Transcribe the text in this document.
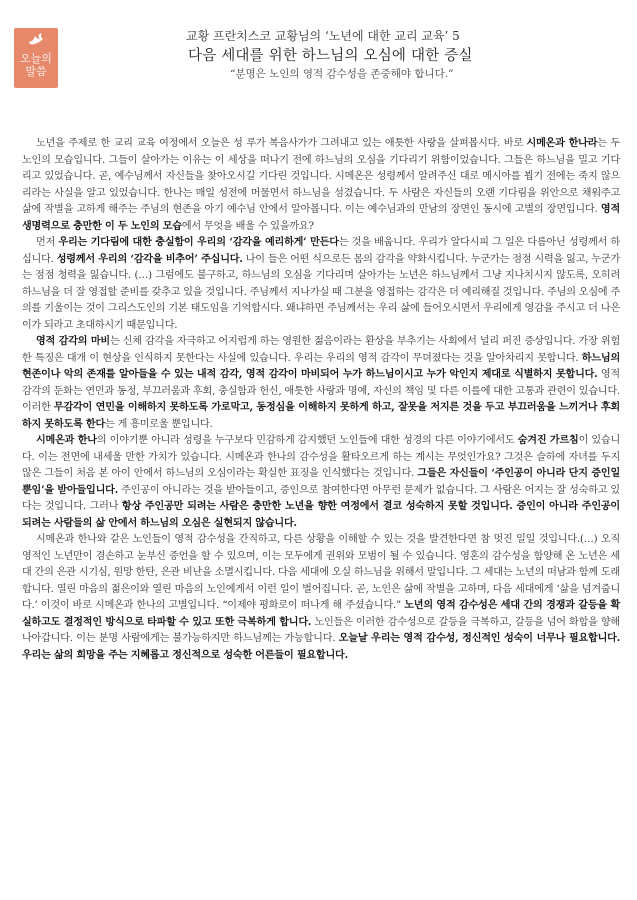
오늘의
말씀
교황 프란치스코 교황님의 ‘노년에 대한 교리 교육’ 5
다음 세대를 위한 하느님의 오심에 대한 증실
“분명은 노인의 영적 감수성을 존중해야 합니다.”

노년을 주제로 한 교리 교육 여정에서 오늘은 성 루가 복음사가가 그려내고 있는 애틋한 사랑을 살펴봅시다. 바로 시메온과 한나라는 두 노인의 모습입니다. 그들이 살아가는 이유는 이 세상을 떠나기 전에 하느님의 오심을 기다리기 위함이었습니다. 그들은 하느님을 밀고 기다리고 있었습니다. 곧, 예수님께서 자신들을 찾아오시길 기다린 것입니다. 시메온은 성령께서 알려주신 대로 메시아를 뵙기 전에는 죽지 않으리라는 사실을 알고 있었습니다. 한나는 매일 성전에 머물면서 하느님을 섬겼습니다. 두 사람은 자신들의 오랜 기다림을 위안으로 채워주고 삶에 작별을 고하게 해주는 주님의 현존을 아기 예수님 안에서 알아봅니다. 이는 예수님과의 만남의 장면인 동시에 고별의 장면입니다. 영적 생명력으로 충만한 이 두 노인의 모습에서 무엇을 배울 수 있을까요?

먼저 우리는 기다림에 대한 충실함이 우리의 ‘감각을 예리하게’ 만든다는 것을 배웁니다. 우리가 알다시피 그 일은 다름아닌 성령께서 하십니다. 성령께서 우리의 ‘감각을 비추어’ 주십니다. 나이 들은 어떤 식으로든 몸의 감각을 약화시킵니다. 누군가는 점점 시력을 잃고, 누군가는 점점 청력을 잃습니다. (…) 그럼에도 불구하고, 하느님의 오심을 기다리며 살아가는 노년은 하느님께서 그냥 지나치시지 않도록, 오히려 하느님을 더 잘 영접할 준비를 갖추고 있을 것입니다. 주님께서 지나가실 때 그분을 영접하는 감각은 더 예리해질 것입니다. 주님의 오심에 주의를 기울이는 것이 그리스도인의 기본 태도임을 기억합시다. 왜냐하면 주님께서는 우리 삶에 들어오시면서 우리에게 영감을 주시고 더 나은 이가 되라고 초대하시기 때문입니다.

영적 감각의 마비는 신체 감각을 자극하고 어지럽게 하는 영원한 젊음이라는 환상을 부추기는 사회에서 널리 퍼진 증상입니다. 가장 위험한 특징은 대개 이 현상을 인식하지 못한다는 사실에 있습니다. 우리는 우리의 영적 감각이 무뎌졌다는 것을 알아차리지 못합니다. 하느님의 현존이나 악의 존재를 알아들을 수 있는 내적 감각, 영적 감각이 마비되어 누가 하느님이시고 누가 악인지 제대로 식별하지 못합니다. 영적 감각의 둔화는 연민과 동정, 부끄러움과 후회, 충실함과 헌신, 애틋한 사랑과 명예, 자신의 책임 및 다른 이를에 대한 고통과 관련이 있습니다. 이러한 무감각이 연민을 이해하지 못하도록 가로막고, 동정심을 이해하지 못하게 하고, 잘못을 저지른 것을 두고 부끄러움을 느끼거나 후회하지 못하도록 한다는 게 흥미로울 뿐입니다.

시메온과 한나의 이야기뿐 아니라 성령을 누구보다 민감하게 감지했던 노인들에 대한 성경의 다른 이야기에서도 숨겨진 가르침이 있습니다. 이는 전면에 내세울 만한 가치가 있습니다. 시메온과 한나의 감수성을 활타오르게 하는 계시는 무엇인가요? 그것은 슬하에 자녀를 두지 않은 그들이 처음 본 아이 안에서 하느님의 오심이라는 확실한 표징을 인식했다는 것입니다. 그들은 자신들이 ‘주인공이 아니라 단지 증인일 뿐임’을 받아들입니다. 주인공이 아니라는 것을 받아들이고, 증인으로 참여한다면 아무런 문제가 없습니다. 그 사람은 어지는 잘 성숙하고 있다는 것입니다. 그러나 항상 주인공만 되려는 사람은 충만한 노년을 향한 여정에서 결코 성숙하지 못할 것입니다. 증인이 아니라 주인공이 되려는 사람들의 삶 안에서 하느님의 오심은 실현되지 않습니다.

시메온과 한나와 같은 노인들이 영적 감수성을 간직하고, 다른 상황을 이해할 수 있는 것을 발견한다면 참 멋진 일일 것입니다.(…) 오직 영적인 노년만이 겸손하고 눈부신 증언을 할 수 있으며, 이는 모두에게 권위와 모범이 될 수 있습니다. 영혼의 감수성을 함양해 온 노년은 세대 간의 은관 시기심, 원망 한탄, 은관 비난을 소멸시킵니다. 다음 세대에 오실 하느님을 위해서 말입니다. 그 세대는 노년의 떠남과 함께 도래합니다. 열린 마음의 젊은이와 열린 마음의 노인에게서 이런 일이 벌어집니다. 곧, 노인은 삶에 작별을 고하며, 다음 세대에게 ‘삶을 넘겨줍니다.’ 이것이 바로 시메온과 한나의 고별입니다. “이제야 평화로이 떠나게 해 주셨습니다.” 노년의 영적 감수성은 세대 간의 경쟁과 갈등을 확실하고도 결정적인 방식으로 타파할 수 있고 또한 극복하게 합니다. 노인들은 이러한 감수성으로 갈등을 극복하고, 갈등을 넘어 화합을 향해 나아갑니다. 이는 분명 사람에게는 불가능하지만 하느님께는 가능합니다. 오늘날 우리는 영적 감수성, 정신적인 성숙이 너무나 필요합니다. 우리는 삶의 희망을 주는 지혜롭고 정신적으로 성숙한 어른들이 필요합니다.
